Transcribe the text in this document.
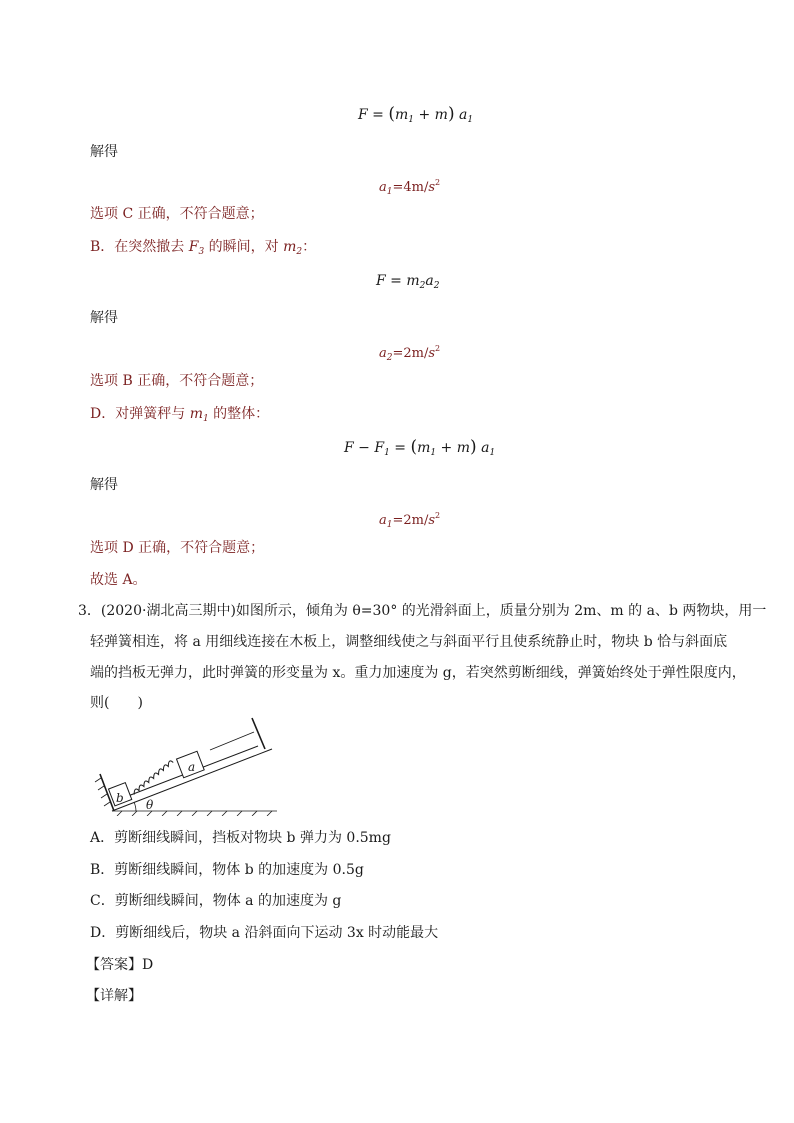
$F = (m_1 + m)$ $a_1$
解得
$a_1=4m/s^2$
选项 C 正确，不符合题意；
B．在突然撤去 $F_3$ 的瞬间，对 $m_2$：
$F = m_2a_2$
解得
$a_2=2m/s^2$
选项 B 正确，不符合题意；
D．对弹簧秤与 $m_1$ 的整体：
$F - F_1 = (m_1 + m)$ $a_1$
解得
$a_1=2m/s^2$
选项 D 正确，不符合题意；
故选 A。
3．(2020·湖北高三期中)如图所示，倾角为 θ=30° 的光滑斜面上，质量分别为 2m、m 的 a、b 两物块，用一
轻弹簧相连，将 a 用细线连接在木板上，调整细线使之与斜面平行且使系统静止时，物块 b 恰与斜面底
端的挡板无弹力，此时弹簧的形变量为 x。重力加速度为 g，若突然剪断细线，弹簧始终处于弹性限度内，
则(　　)
b
a
θ
A．剪断细线瞬间，挡板对物块 b 弹力为 0.5mg
B．剪断细线瞬间，物体 b 的加速度为 0.5g
C．剪断细线瞬间，物体 a 的加速度为 g
D．剪断细线后，物块 a 沿斜面向下运动 3x 时动能最大
【答案】D
【详解】
